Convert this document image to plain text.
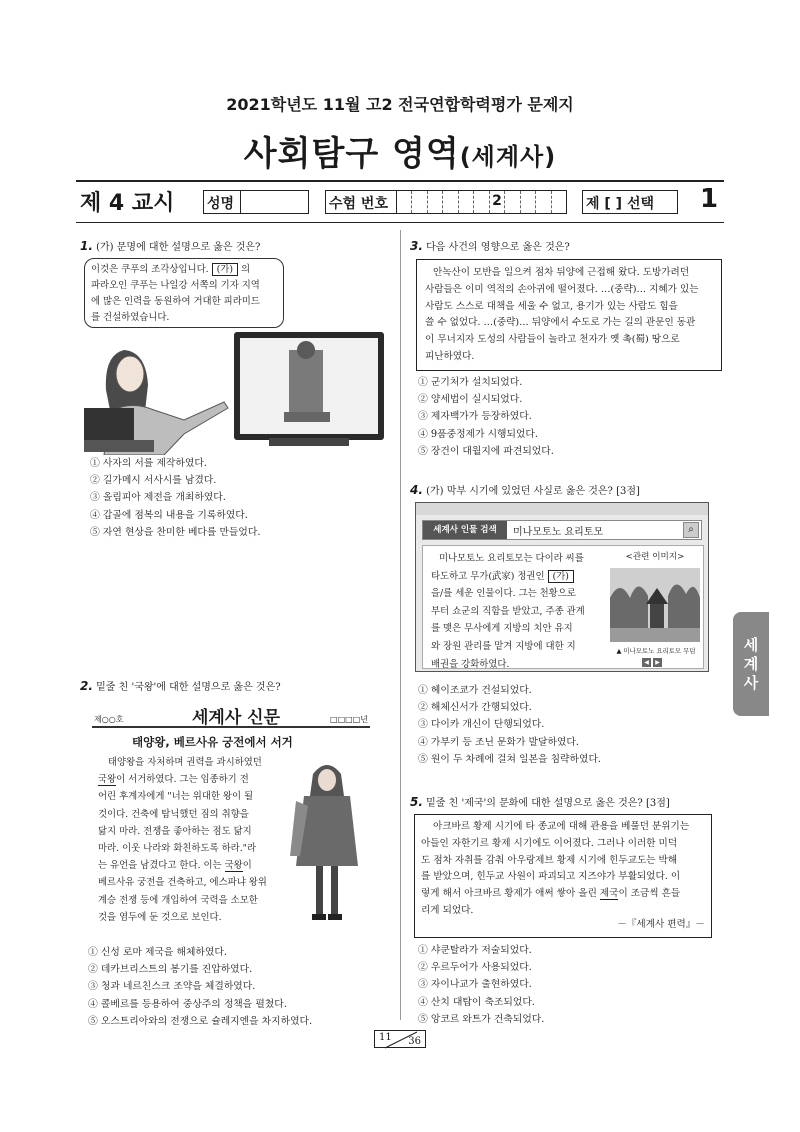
2021학년도 11월 고2 전국연합학력평가 문제지
사회탐구 영역(세계사)
제 4 교시 성명	수험 번호	2	제 [ ] 선택 1
1. (가) 문명에 대한 설명으로 옳은 것은?
이것은 쿠푸의 조각상입니다. (가) 의
파라오인 쿠푸는 나일강 서쪽의 기자 지역
에 많은 인력을 동원하여 거대한 피라미드
를 건설하였습니다.
① 사자의 서를 제작하였다.
② 길가메시 서사시를 남겼다.
③ 올림피아 제전을 개최하였다.
④ 갑골에 점복의 내용을 기록하였다.
⑤ 자연 현상을 찬미한 베다를 만들었다.
2. 밑줄 친 '국왕'에 대한 설명으로 옳은 것은?
제○○호	세계사 신문	□□□□년
태양왕, 베르사유 궁전에서 서거
태양왕을 자처하며 권력을 과시하였던
국왕이 서거하였다. 그는 임종하기 전
어린 후계자에게 "너는 위대한 왕이 될
것이다. 건축에 탐닉했던 짐의 취향을
닮지 마라. 전쟁을 좋아하는 점도 닮지
마라. 이웃 나라와 화친하도록 하라."라
는 유언을 남겼다고 한다. 이는 국왕이
베르사유 궁전을 건축하고, 에스파냐 왕위
계승 전쟁 등에 개입하여 국력을 소모한
것을 염두에 둔 것으로 보인다.
① 신성 로마 제국을 해체하였다.
② 데카브리스트의 봉기를 진압하였다.
③ 청과 네르친스크 조약을 체결하였다.
④ 콜베르를 등용하여 중상주의 정책을 펼쳤다.
⑤ 오스트리아와의 전쟁으로 슐레지엔을 차지하였다.
3. 다음 사건의 영향으로 옳은 것은?
안녹산이 모반을 일으켜 점차 뒤양에 근접해 왔다. 도방가려던
사람들은 이미 역적의 손아귀에 떨어졌다. …(중략)… 지혜가 있는
사람도 스스로 대책을 세울 수 없고, 용기가 있는 사람도 힘을
쓸 수 없었다. …(중략)… 뒤양에서 수도로 가는 길의 관문인 동관
이 무너지자 도성의 사람들이 놀라고 천자가 옛 촉(蜀) 땅으로
피난하였다.
① 군기처가 설치되었다.
② 양세법이 실시되었다.
③ 제자백가가 등장하였다.
④ 9품중정제가 시행되었다.
⑤ 장건이 대월지에 파견되었다.
4. (가) 막부 시기에 있었던 사실로 옳은 것은? [3점]
세계사 인물 검색	미나모토노 요리토모	⌕
미나모토노 요리토모는 다이라 씨를
타도하고 무가(武家) 정권인 (가)
을/를 세운 인물이다. 그는 천황으로
부터 쇼군의 직함을 받았고, 주종 관계
를 맺은 무사에게 지방의 치안 유지
와 장원 관리를 맡겨 지방에 대한 지
배권을 강화하였다.
<관련 이미지>
▲ 미나모토노 요리토모 무덤
◀ ▶
① 헤이조쿄가 건설되었다.
② 해체신서가 간행되었다.
③ 다이카 개신이 단행되었다.
④ 가부키 등 조닌 문화가 발달하였다.
⑤ 원이 두 차례에 걸쳐 일본을 침략하였다.
세
계
사
5. 밑줄 친 '제국'의 문화에 대한 설명으로 옳은 것은? [3점]
아크바르 황제 시기에 타 종교에 대해 관용을 베풀던 분위기는
아들인 자한기르 황제 시기에도 이어졌다. 그러나 이러한 미덕
도 점차 자취를 감춰 아우랑제브 황제 시기에 힌두교도는 박해
를 받았으며, 힌두교 사원이 파괴되고 지즈야가 부활되었다. 이
렇게 해서 아크바르 황제가 애써 쌓아 올린 제국이 조금씩 흔들
리게 되었다.
－『세계사 편력』－
① 샤쿤탈라가 저술되었다.
② 우르두어가 사용되었다.
③ 자이나교가 출현하였다.
④ 산치 대탑이 축조되었다.
⑤ 앙코르 와트가 건축되었다.
11 36
